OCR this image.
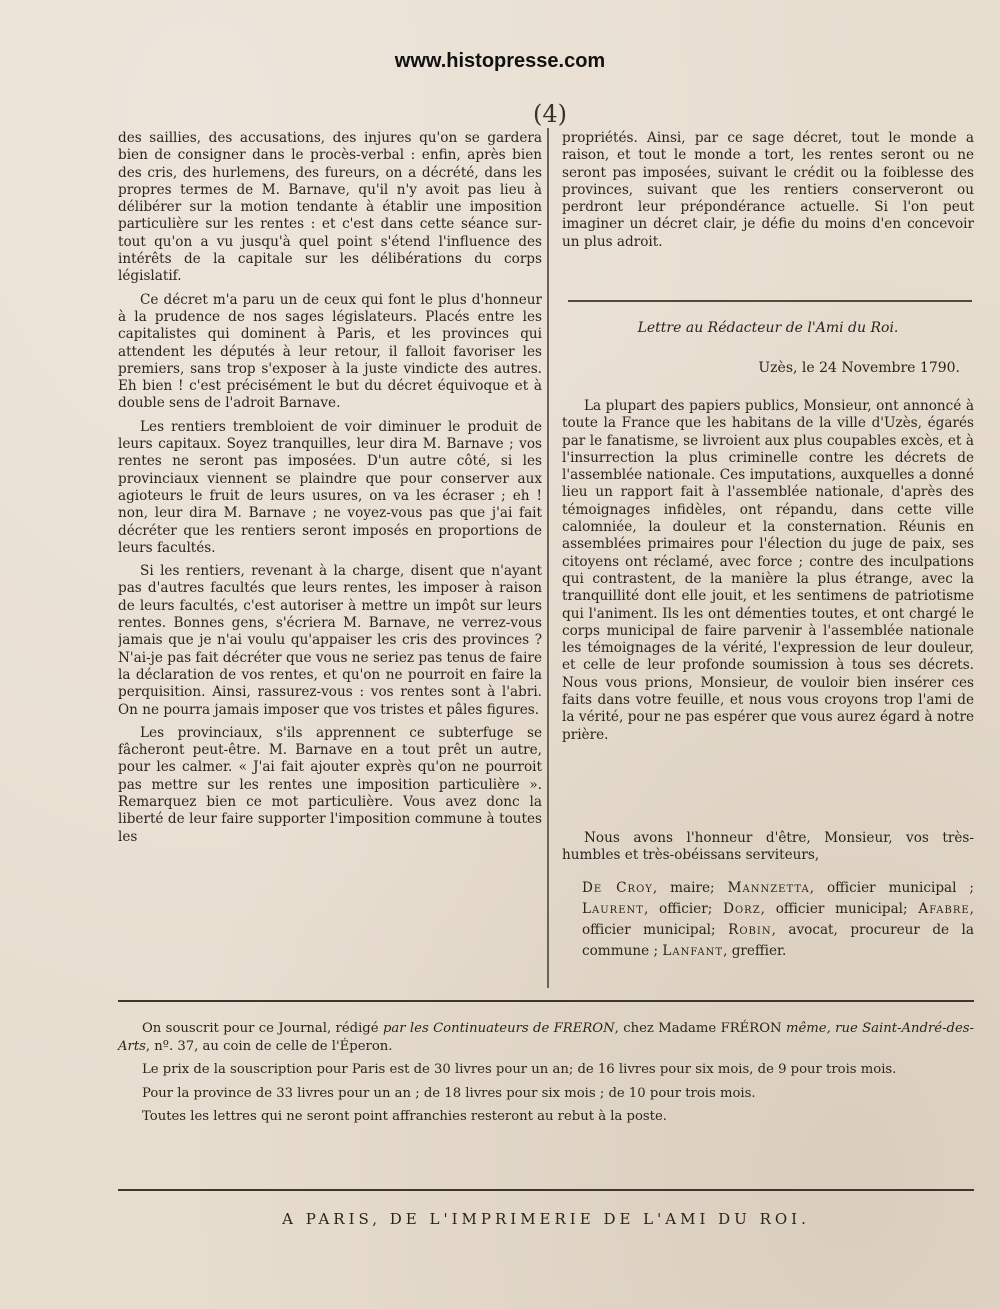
www.histopresse.com
(4)

des saillies, des accusations, des injures qu'on se gardera bien de consigner dans le procès-verbal : enfin, après bien des cris, des hurlemens, des fureurs, on a décrété, dans les propres termes de M. Barnave, qu'il n'y avoit pas lieu à délibérer sur la motion tendante à établir une imposition particulière sur les rentes : et c'est dans cette séance sur-tout qu'on a vu jusqu'à quel point s'étend l'influence des intérêts de la capitale sur les délibérations du corps législatif.

Ce décret m'a paru un de ceux qui font le plus d'honneur à la prudence de nos sages législateurs. Placés entre les capitalistes qui dominent à Paris, et les provinces qui attendent les députés à leur retour, il falloit favoriser les premiers, sans trop s'exposer à la juste vindicte des autres. Eh bien ! c'est précisément le but du décret équivoque et à double sens de l'adroit Barnave.

Les rentiers trembloient de voir diminuer le produit de leurs capitaux. Soyez tranquilles, leur dira M. Barnave ; vos rentes ne seront pas imposées. D'un autre côté, si les provinciaux viennent se plaindre que pour conserver aux agioteurs le fruit de leurs usures, on va les écraser ; eh ! non, leur dira M. Barnave ; ne voyez-vous pas que j'ai fait décréter que les rentiers seront imposés en proportions de leurs facultés.

Si les rentiers, revenant à la charge, disent que n'ayant pas d'autres facultés que leurs rentes, les imposer à raison de leurs facultés, c'est autoriser à mettre un impôt sur leurs rentes. Bonnes gens, s'écriera M. Barnave, ne verrez-vous jamais que je n'ai voulu qu'appaiser les cris des provinces ? N'ai-je pas fait décréter que vous ne seriez pas tenus de faire la déclaration de vos rentes, et qu'on ne pourroit en faire la perquisition. Ainsi, rassurez-vous : vos rentes sont à l'abri. On ne pourra jamais imposer que vos tristes et pâles figures.

Les provinciaux, s'ils apprennent ce subterfuge se fâcheront peut-être. M. Barnave en a tout prêt un autre, pour les calmer. « J'ai fait ajouter exprès qu'on ne pourroit pas mettre sur les rentes une imposition particulière ». Remarquez bien ce mot particulière. Vous avez donc la liberté de leur faire supporter l'imposition commune à toutes les

propriétés. Ainsi, par ce sage décret, tout le monde a raison, et tout le monde a tort, les rentes seront ou ne seront pas imposées, suivant le crédit ou la foiblesse des provinces, suivant que les rentiers conserveront ou perdront leur prépondérance actuelle. Si l'on peut imaginer un décret clair, je défie du moins d'en concevoir un plus adroit.

Lettre au Rédacteur de l'Ami du Roi.
Uzès, le 24 Novembre 1790.

La plupart des papiers publics, Monsieur, ont annoncé à toute la France que les habitans de la ville d'Uzès, égarés par le fanatisme, se livroient aux plus coupables excès, et à l'insurrection la plus criminelle contre les décrets de l'assemblée nationale. Ces imputations, auxquelles a donné lieu un rapport fait à l'assemblée nationale, d'après des témoignages infidèles, ont répandu, dans cette ville calomniée, la douleur et la consternation. Réunis en assemblées primaires pour l'élection du juge de paix, ses citoyens ont réclamé, avec force ; contre des inculpations qui contrastent, de la manière la plus étrange, avec la tranquillité dont elle jouit, et les sentimens de patriotisme qui l'animent. Ils les ont démenties toutes, et ont chargé le corps municipal de faire parvenir à l'assemblée nationale les témoignages de la vérité, l'expression de leur douleur, et celle de leur profonde soumission à tous ses décrets. Nous vous prions, Monsieur, de vouloir bien insérer ces faits dans votre feuille, et nous vous croyons trop l'ami de la vérité, pour ne pas espérer que vous aurez égard à notre prière.

Nous avons l'honneur d'être, Monsieur, vos très-humbles et très-obéissans serviteurs,

De Croy, maire; Mannzetta, officier municipal ; Laurent, officier; Dorz, officier municipal; Afabre, officier municipal; Robin, avocat, procureur de la commune ; Lanfant, greffier.

On souscrit pour ce Journal, rédigé par les Continuateurs de FRERON, chez Madame FRÉRON même, rue Saint-André-des-Arts, nº. 37, au coin de celle de l'Éperon.

Le prix de la souscription pour Paris est de 30 livres pour un an; de 16 livres pour six mois, de 9 pour trois mois.

Pour la province de 33 livres pour un an ; de 18 livres pour six mois ; de 10 pour trois mois.

Toutes les lettres qui ne seront point affranchies resteront au rebut à la poste.

A PARIS, DE L'IMPRIMERIE DE L'AMI DU ROI.
